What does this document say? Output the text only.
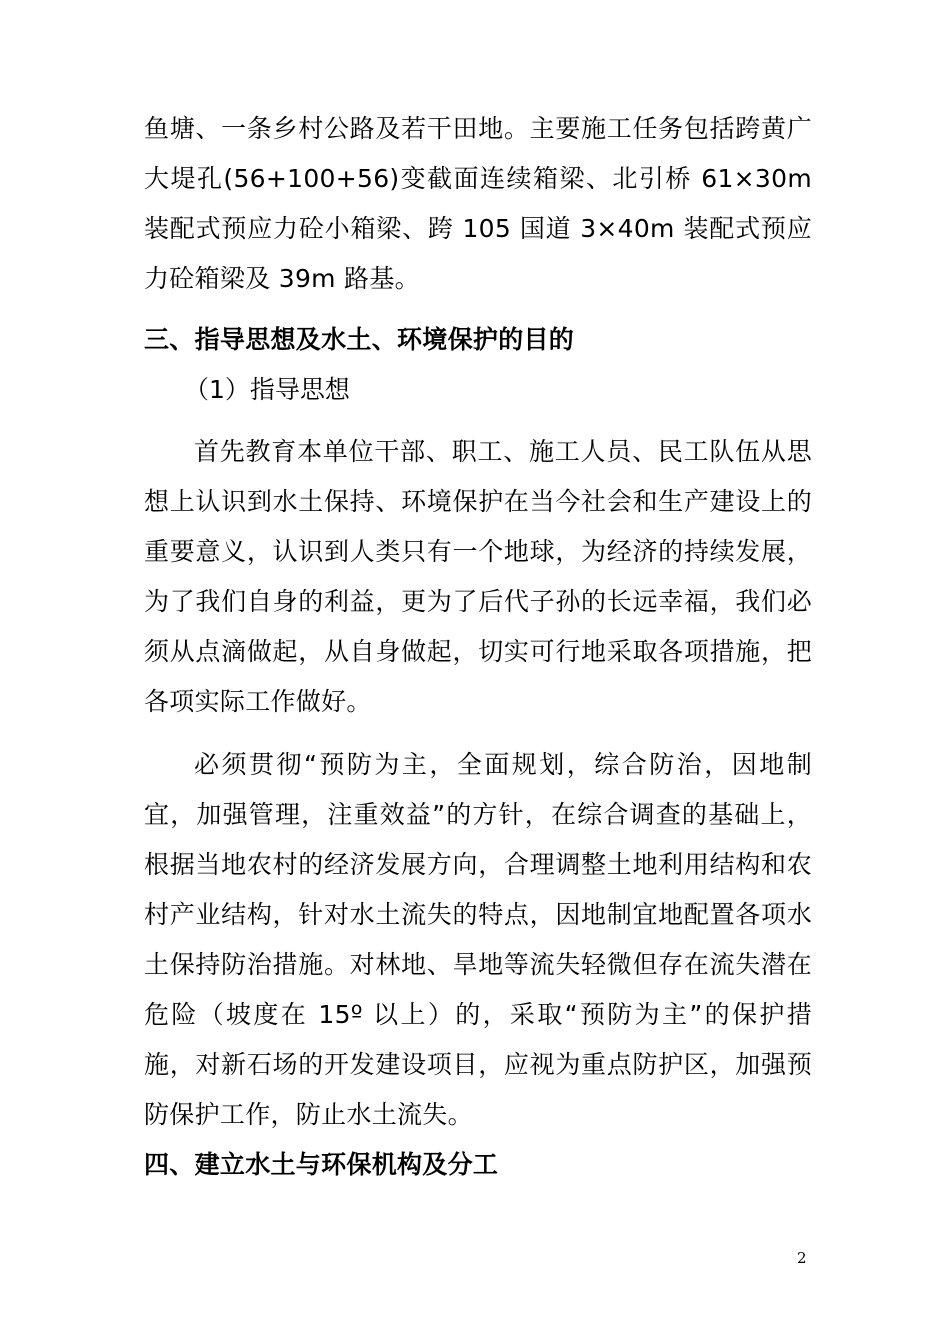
鱼塘、一条乡村公路及若干田地。主要施工任务包括跨黄广大堤孔(56+100+56)变截面连续箱梁、北引桥 61×30m 装配式预应力砼小箱梁、跨 105 国道 3×40m 装配式预应力砼箱梁及 39m 路基。

三、指导思想及水土、环境保护的目的

（1）指导思想

首先教育本单位干部、职工、施工人员、民工队伍从思想上认识到水土保持、环境保护在当今社会和生产建设上的重要意义，认识到人类只有一个地球，为经济的持续发展，为了我们自身的利益，更为了后代子孙的长远幸福，我们必须从点滴做起，从自身做起，切实可行地采取各项措施，把各项实际工作做好。

必须贯彻“预防为主，全面规划，综合防治，因地制宜，加强管理，注重效益”的方针，在综合调查的基础上，根据当地农村的经济发展方向，合理调整土地利用结构和农村产业结构，针对水土流失的特点，因地制宜地配置各项水土保持防治措施。对林地、旱地等流失轻微但存在流失潜在危险（坡度在 15º 以上）的，采取“预防为主”的保护措施，对新石场的开发建设项目，应视为重点防护区，加强预防保护工作，防止水土流失。

四、建立水土与环保机构及分工
2
